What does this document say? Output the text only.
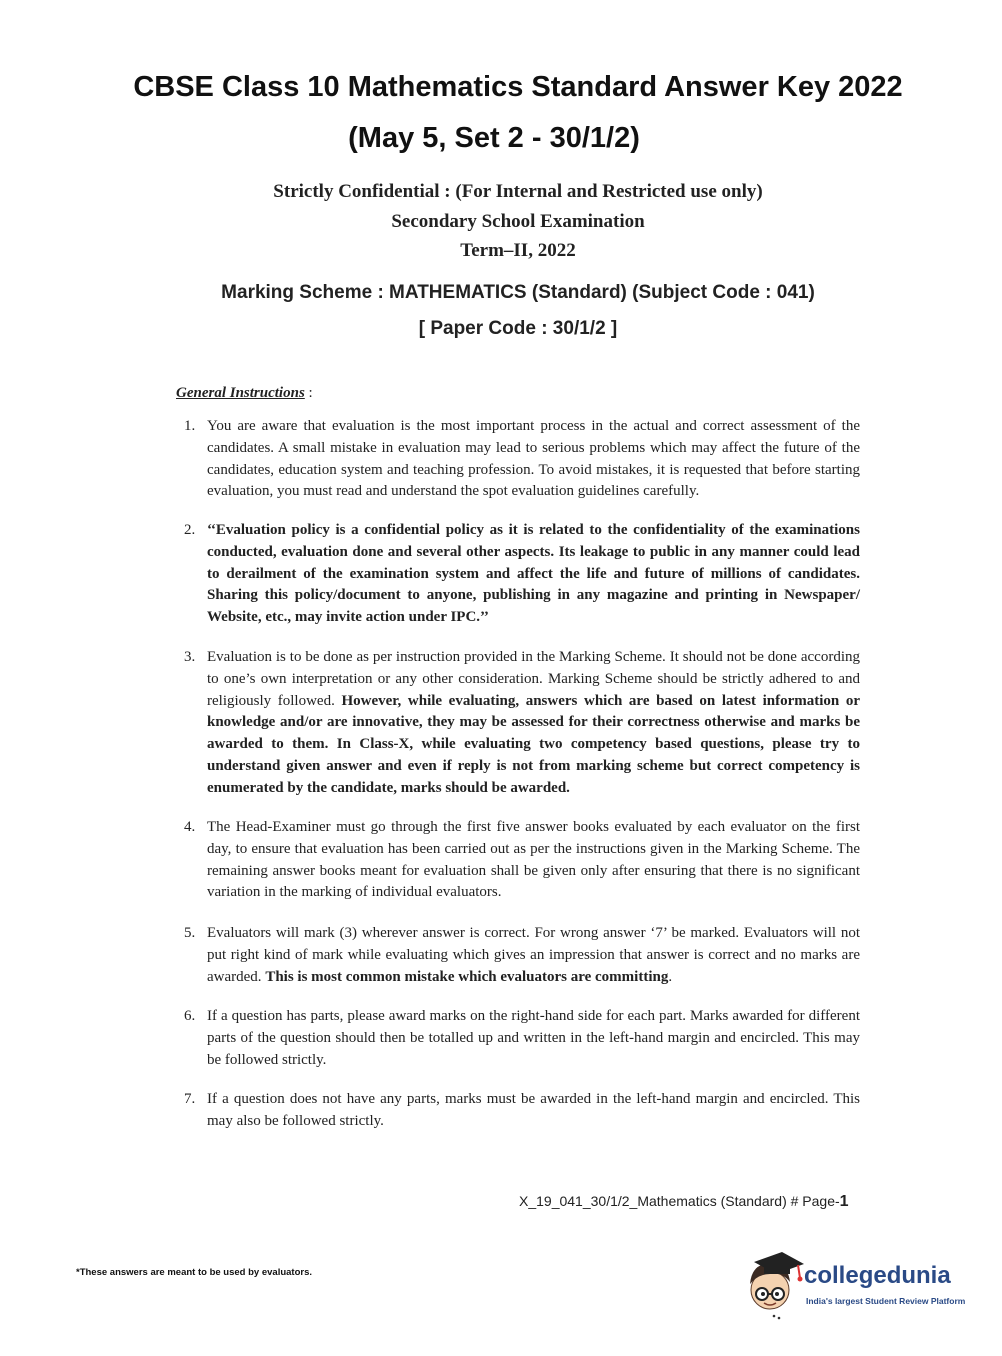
CBSE Class 10 Mathematics Standard Answer Key 2022
(May 5, Set 2 - 30/1/2)
Strictly Confidential : (For Internal and Restricted use only)
Secondary School Examination
Term–II, 2022
Marking Scheme : MATHEMATICS (Standard) (Subject Code : 041)
[ Paper Code : 30/1/2 ]
General Instructions :
1. You are aware that evaluation is the most important process in the actual and correct assessment of the candidates. A small mistake in evaluation may lead to serious problems which may affect the future of the candidates, education system and teaching profession. To avoid mistakes, it is requested that before starting evaluation, you must read and understand the spot evaluation guidelines carefully.
2. ‘‘Evaluation policy is a confidential policy as it is related to the confidentiality of the examinations conducted, evaluation done and several other aspects. Its leakage to public in any manner could lead to derailment of the examination system and affect the life and future of millions of candidates. Sharing this policy/document to anyone, publishing in any magazine and printing in Newspaper/ Website, etc., may invite action under IPC.’’
3. Evaluation is to be done as per instruction provided in the Marking Scheme. It should not be done according to one’s own interpretation or any other consideration. Marking Scheme should be strictly adhered to and religiously followed. However, while evaluating, answers which are based on latest information or knowledge and/or are innovative, they may be assessed for their correctness otherwise and marks be awarded to them. In Class-X, while evaluating two competency based questions, please try to understand given answer and even if reply is not from marking scheme but correct competency is enumerated by the candidate, marks should be awarded.
4. The Head-Examiner must go through the first five answer books evaluated by each evaluator on the first day, to ensure that evaluation has been carried out as per the instructions given in the Marking Scheme. The remaining answer books meant for evaluation shall be given only after ensuring that there is no significant variation in the marking of individual evaluators.
5. Evaluators will mark (3) wherever answer is correct. For wrong answer ‘7’ be marked. Evaluators will not put right kind of mark while evaluating which gives an impression that answer is correct and no marks are awarded. This is most common mistake which evaluators are committing.
6. If a question has parts, please award marks on the right-hand side for each part. Marks awarded for different parts of the question should then be totalled up and written in the left-hand margin and encircled. This may be followed strictly.
7. If a question does not have any parts, marks must be awarded in the left-hand margin and encircled. This may also be followed strictly.
X_19_041_30/1/2_Mathematics (Standard) # Page-1
*These answers are meant to be used by evaluators.	collegedunia
India's largest Student Review Platform
